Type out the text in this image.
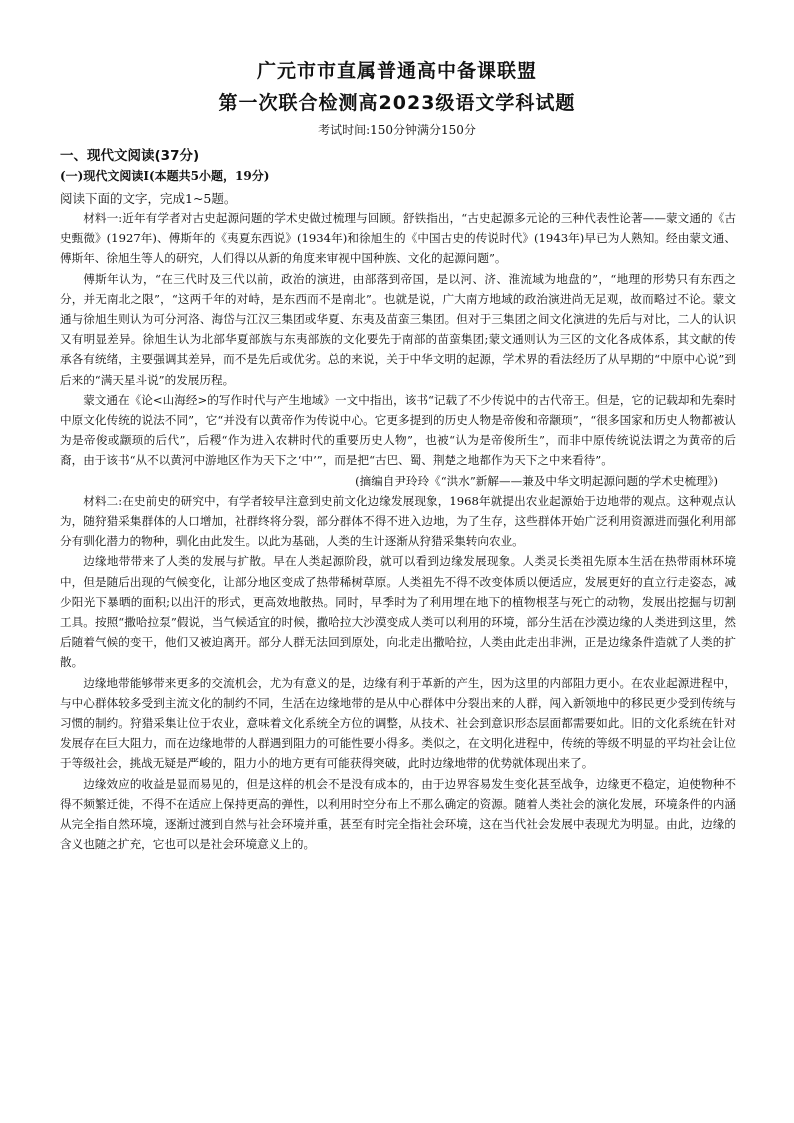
广元市市直属普通高中备课联盟
第一次联合检测高2023级语文学科试题
考试时间:150分钟满分150分
一、现代文阅读(37分)
(一)现代文阅读Ⅰ(本题共5小题，19分)
阅读下面的文字，完成1~5题。

材料一:近年有学者对古史起源问题的学术史做过梳理与回顾。舒铁指出，“古史起源多元论的三种代表性论著——蒙文通的《古史甄微》(1927年)、傅斯年的《夷夏东西说》(1934年)和徐旭生的《中国古史的传说时代》(1943年)早已为人熟知。经由蒙文通、傅斯年、徐旭生等人的研究，人们得以从新的角度来审视中国种族、文化的起源问题”。

傅斯年认为，“在三代时及三代以前，政治的演进，由部落到帝国，是以河、济、淮流域为地盘的”，“地理的形势只有东西之分，并无南北之限”，“这两千年的对峙，是东西而不是南北”。也就是说，广大南方地域的政治演进尚无足观，故而略过不论。蒙文通与徐旭生则认为可分河洛、海岱与江汉三集团或华夏、东夷及苗蛮三集团。但对于三集团之间文化演进的先后与对比，二人的认识又有明显差异。徐旭生认为北部华夏部族与东夷部族的文化要先于南部的苗蛮集团;蒙文通则认为三区的文化各成体系，其文献的传承各有统绪，主要强调其差异，而不是先后或优劣。总的来说，关于中华文明的起源，学术界的看法经历了从早期的“中原中心说”到后来的“满天星斗说”的发展历程。

蒙文通在《论<山海经>的写作时代与产生地域》一文中指出，该书“记载了不少传说中的古代帝王。但是，它的记载却和先秦时中原文化传统的说法不同”，它“并没有以黄帝作为传说中心。它更多提到的历史人物是帝俊和帝颛顼”，“很多国家和历史人物都被认为是帝俊或颛顼的后代”，后稷“作为进入农耕时代的重要历史人物”，也被“认为是帝俊所生”，而非中原传统说法谓之为黄帝的后裔，由于该书“从不以黄河中游地区作为天下之‘中’”，而是把“古巴、蜀、荆楚之地都作为天下之中来看待”。

(摘编自尹玲玲《“洪水”新解——兼及中华文明起源问题的学术史梳理》)

材料二:在史前史的研究中，有学者较早注意到史前文化边缘发展现象，1968年就提出农业起源始于边地带的观点。这种观点认为，随狩猎采集群体的人口增加，社群终将分裂，部分群体不得不进入边地，为了生存，这些群体开始广泛利用资源进而强化利用部分有驯化潜力的物种，驯化由此发生。以此为基础，人类的生计逐渐从狩猎采集转向农业。

边缘地带带来了人类的发展与扩散。早在人类起源阶段，就可以看到边缘发展现象。人类灵长类祖先原本生活在热带雨林环境中，但是随后出现的气候变化，让部分地区变成了热带稀树草原。人类祖先不得不改变体质以便适应，发展更好的直立行走姿态，减少阳光下暴晒的面积;以出汗的形式，更高效地散热。同时，早季时为了利用埋在地下的植物根茎与死亡的动物，发展出挖掘与切割工具。按照“撒哈拉泵”假说，当气候适宜的时候，撒哈拉大沙漠变成人类可以利用的环境，部分生活在沙漠边缘的人类进到这里，然后随着气候的变干，他们又被迫离开。部分人群无法回到原处，向北走出撒哈拉，人类由此走出非洲，正是边缘条件造就了人类的扩散。

边缘地带能够带来更多的交流机会，尤为有意义的是，边缘有利于革新的产生，因为这里的内部阻力更小。在农业起源进程中，与中心群体较多受到主流文化的制约不同，生活在边缘地带的是从中心群体中分裂出来的人群，闯入新领地中的移民更少受到传统与习惯的制约。狩猎采集让位于农业，意味着文化系统全方位的调整，从技术、社会到意识形态层面都需要如此。旧的文化系统在针对发展存在巨大阻力，而在边缘地带的人群遇到阻力的可能性要小得多。类似之，在文明化进程中，传统的等级不明显的平均社会让位于等级社会，挑战无疑是严峻的，阻力小的地方更有可能获得突破，此时边缘地带的优势就体现出来了。

边缘效应的收益是显而易见的，但是这样的机会不是没有成本的，由于边界容易发生变化甚至战争，边缘更不稳定，迫使物种不得不频繁迁徙，不得不在适应上保持更高的弹性，以利用时空分布上不那么确定的资源。随着人类社会的演化发展，环境条件的内涵从完全指自然环境，逐渐过渡到自然与社会环境并重，甚至有时完全指社会环境，这在当代社会发展中表现尤为明显。由此，边缘的含义也随之扩充，它也可以是社会环境意义上的。
